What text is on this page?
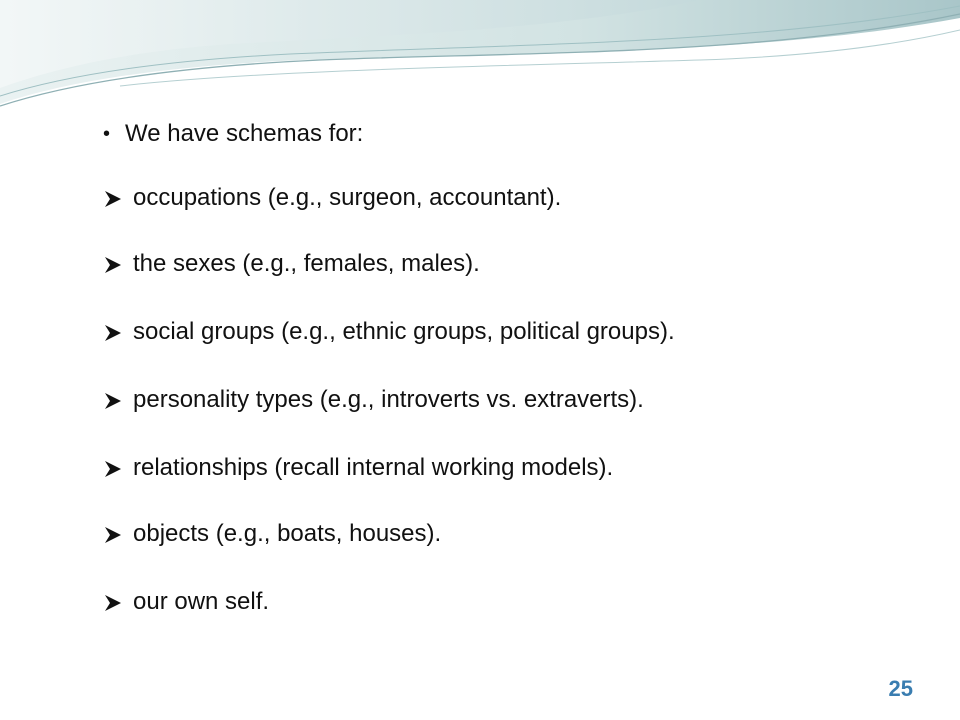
• We have schemas for:
occupations (e.g., surgeon, accountant).
the sexes (e.g., females, males).
social groups (e.g., ethnic groups, political groups).
personality types (e.g., introverts vs. extraverts).
relationships (recall internal working models).
objects (e.g., boats, houses).
our own self.
25
